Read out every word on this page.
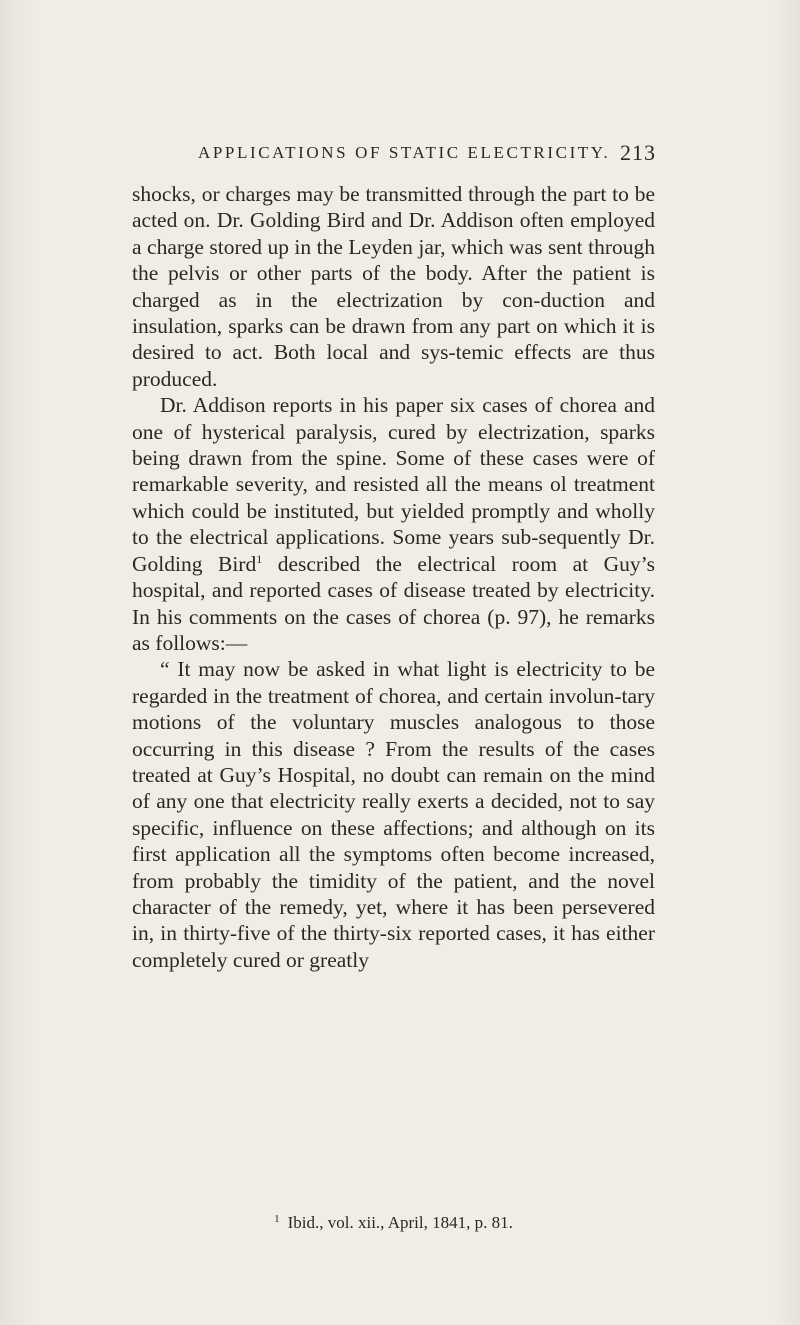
APPLICATIONS OF STATIC ELECTRICITY. 213

shocks, or charges may be transmitted through the part to be acted on. Dr. Golding Bird and Dr. Addison often employed a charge stored up in the Leyden jar, which was sent through the pelvis or other parts of the body. After the patient is charged as in the electrization by con-duction and insulation, sparks can be drawn from any part on which it is desired to act. Both local and sys-temic effects are thus produced.

Dr. Addison reports in his paper six cases of chorea and one of hysterical paralysis, cured by electrization, sparks being drawn from the spine. Some of these cases were of remarkable severity, and resisted all the means ol treatment which could be instituted, but yielded promptly and wholly to the electrical applications. Some years sub-sequently Dr. Golding Bird$^1$ described the electrical room at Guy’s hospital, and reported cases of disease treated by electricity. In his comments on the cases of chorea (p. 97), he remarks as follows:—

“ It may now be asked in what light is electricity to be regarded in the treatment of chorea, and certain involun-tary motions of the voluntary muscles analogous to those occurring in this disease ? From the results of the cases treated at Guy’s Hospital, no doubt can remain on the mind of any one that electricity really exerts a decided, not to say specific, influence on these affections; and although on its first application all the symptoms often become increased, from probably the timidity of the patient, and the novel character of the remedy, yet, where it has been persevered in, in thirty-five of the thirty-six reported cases, it has either completely cured or greatly

$^1$ Ibid., vol. xii., April, 1841, p. 81.
